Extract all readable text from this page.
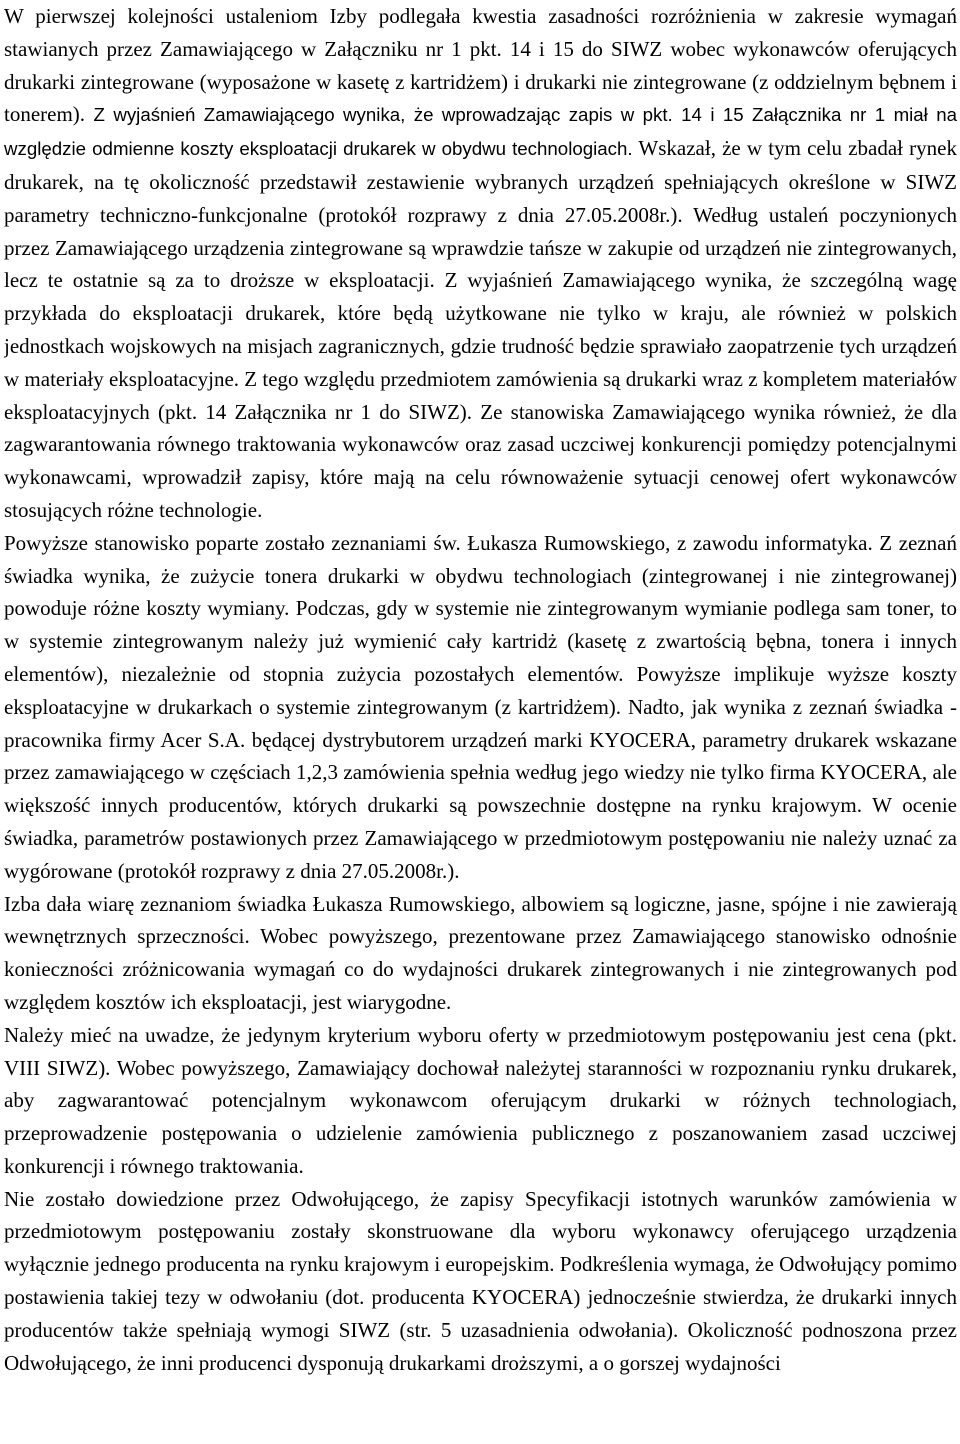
W pierwszej kolejności ustaleniom Izby podlegała kwestia zasadności rozróżnienia w zakresie wymagań stawianych przez Zamawiającego w Załączniku nr 1 pkt. 14 i 15 do SIWZ wobec wykonawców oferujących drukarki zintegrowane (wyposażone w kasetę z kartridżem) i drukarki nie zintegrowane (z oddzielnym bębnem i tonerem). Z wyjaśnień Zamawiającego wynika, że wprowadzając zapis w pkt. 14 i 15 Załącznika nr 1 miał na względzie odmienne koszty eksploatacji drukarek w obydwu technologiach. Wskazał, że w tym celu zbadał rynek drukarek, na tę okoliczność przedstawił zestawienie wybranych urządzeń spełniających określone w SIWZ parametry techniczno-funkcjonalne (protokół rozprawy z dnia 27.05.2008r.). Według ustaleń poczynionych przez Zamawiającego urządzenia zintegrowane są wprawdzie tańsze w zakupie od urządzeń nie zintegrowanych, lecz te ostatnie są za to droższe w eksploatacji. Z wyjaśnień Zamawiającego wynika, że szczególną wagę przykłada do eksploatacji drukarek, które będą użytkowane nie tylko w kraju, ale również w polskich jednostkach wojskowych na misjach zagranicznych, gdzie trudność będzie sprawiało zaopatrzenie tych urządzeń w materiały eksploatacyjne. Z tego względu przedmiotem zamówienia są drukarki wraz z kompletem materiałów eksploatacyjnych (pkt. 14 Załącznika nr 1 do SIWZ). Ze stanowiska Zamawiającego wynika również, że dla zagwarantowania równego traktowania wykonawców oraz zasad uczciwej konkurencji pomiędzy potencjalnymi wykonawcami, wprowadził zapisy, które mają na celu równoważenie sytuacji cenowej ofert wykonawców stosujących różne technologie.

Powyższe stanowisko poparte zostało zeznaniami św. Łukasza Rumowskiego, z zawodu informatyka. Z zeznań świadka wynika, że zużycie tonera drukarki w obydwu technologiach (zintegrowanej i nie zintegrowanej) powoduje różne koszty wymiany. Podczas, gdy w systemie nie zintegrowanym wymianie podlega sam toner, to w systemie zintegrowanym należy już wymienić cały kartridż (kasetę z zwartością bębna, tonera i innych elementów), niezależnie od stopnia zużycia pozostałych elementów. Powyższe implikuje wyższe koszty eksploatacyjne w drukarkach o systemie zintegrowanym (z kartridżem). Nadto, jak wynika z zeznań świadka - pracownika firmy Acer S.A. będącej dystrybutorem urządzeń marki KYOCERA, parametry drukarek wskazane przez zamawiającego w częściach 1,2,3 zamówienia spełnia według jego wiedzy nie tylko firma KYOCERA, ale większość innych producentów, których drukarki są powszechnie dostępne na rynku krajowym. W ocenie świadka, parametrów postawionych przez Zamawiającego w przedmiotowym postępowaniu nie należy uznać za wygórowane (protokół rozprawy z dnia 27.05.2008r.).

Izba dała wiarę zeznaniom świadka Łukasza Rumowskiego, albowiem są logiczne, jasne, spójne i nie zawierają wewnętrznych sprzeczności. Wobec powyższego, prezentowane przez Zamawiającego stanowisko odnośnie konieczności zróżnicowania wymagań co do wydajności drukarek zintegrowanych i nie zintegrowanych pod względem kosztów ich eksploatacji, jest wiarygodne.

Należy mieć na uwadze, że jedynym kryterium wyboru oferty w przedmiotowym postępowaniu jest cena (pkt. VIII SIWZ). Wobec powyższego, Zamawiający dochował należytej staranności w rozpoznaniu rynku drukarek, aby zagwarantować potencjalnym wykonawcom oferującym drukarki w różnych technologiach, przeprowadzenie postępowania o udzielenie zamówienia publicznego z poszanowaniem zasad uczciwej konkurencji i równego traktowania.

Nie zostało dowiedzione przez Odwołującego, że zapisy Specyfikacji istotnych warunków zamówienia w przedmiotowym postępowaniu zostały skonstruowane dla wyboru wykonawcy oferującego urządzenia wyłącznie jednego producenta na rynku krajowym i europejskim. Podkreślenia wymaga, że Odwołujący pomimo postawienia takiej tezy w odwołaniu (dot. producenta KYOCERA) jednocześnie stwierdza, że drukarki innych producentów także spełniają wymogi SIWZ (str. 5 uzasadnienia odwołania). Okoliczność podnoszona przez Odwołującego, że inni producenci dysponują drukarkami droższymi, a o gorszej wydajności
